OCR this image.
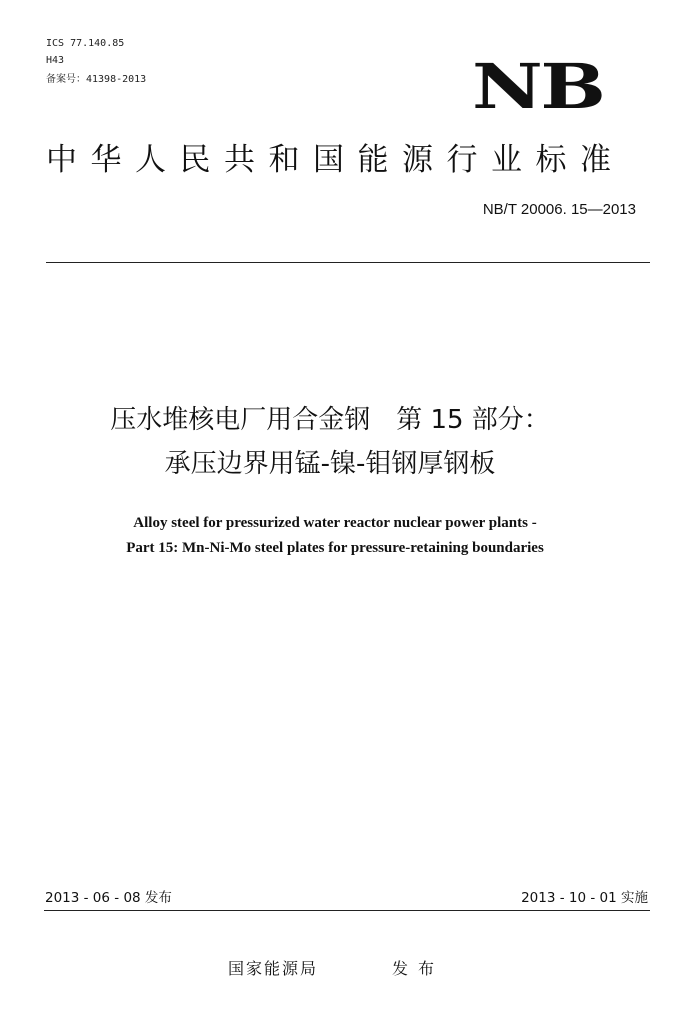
ICS 77.140.85
H43
备案号：41398-2013	NB
中华人民共和国能源行业标准
NB/T 20006. 15—2013
压水堆核电厂用合金钢　第 15 部分：
承压边界用锰-镍-钼钢厚钢板
Alloy steel for pressurized water reactor nuclear power plants -
Part 15: Mn-Ni-Mo steel plates for pressure-retaining boundaries
2013 - 06 - 08 发布	2013 - 10 - 01 实施
国家能源局	发布
